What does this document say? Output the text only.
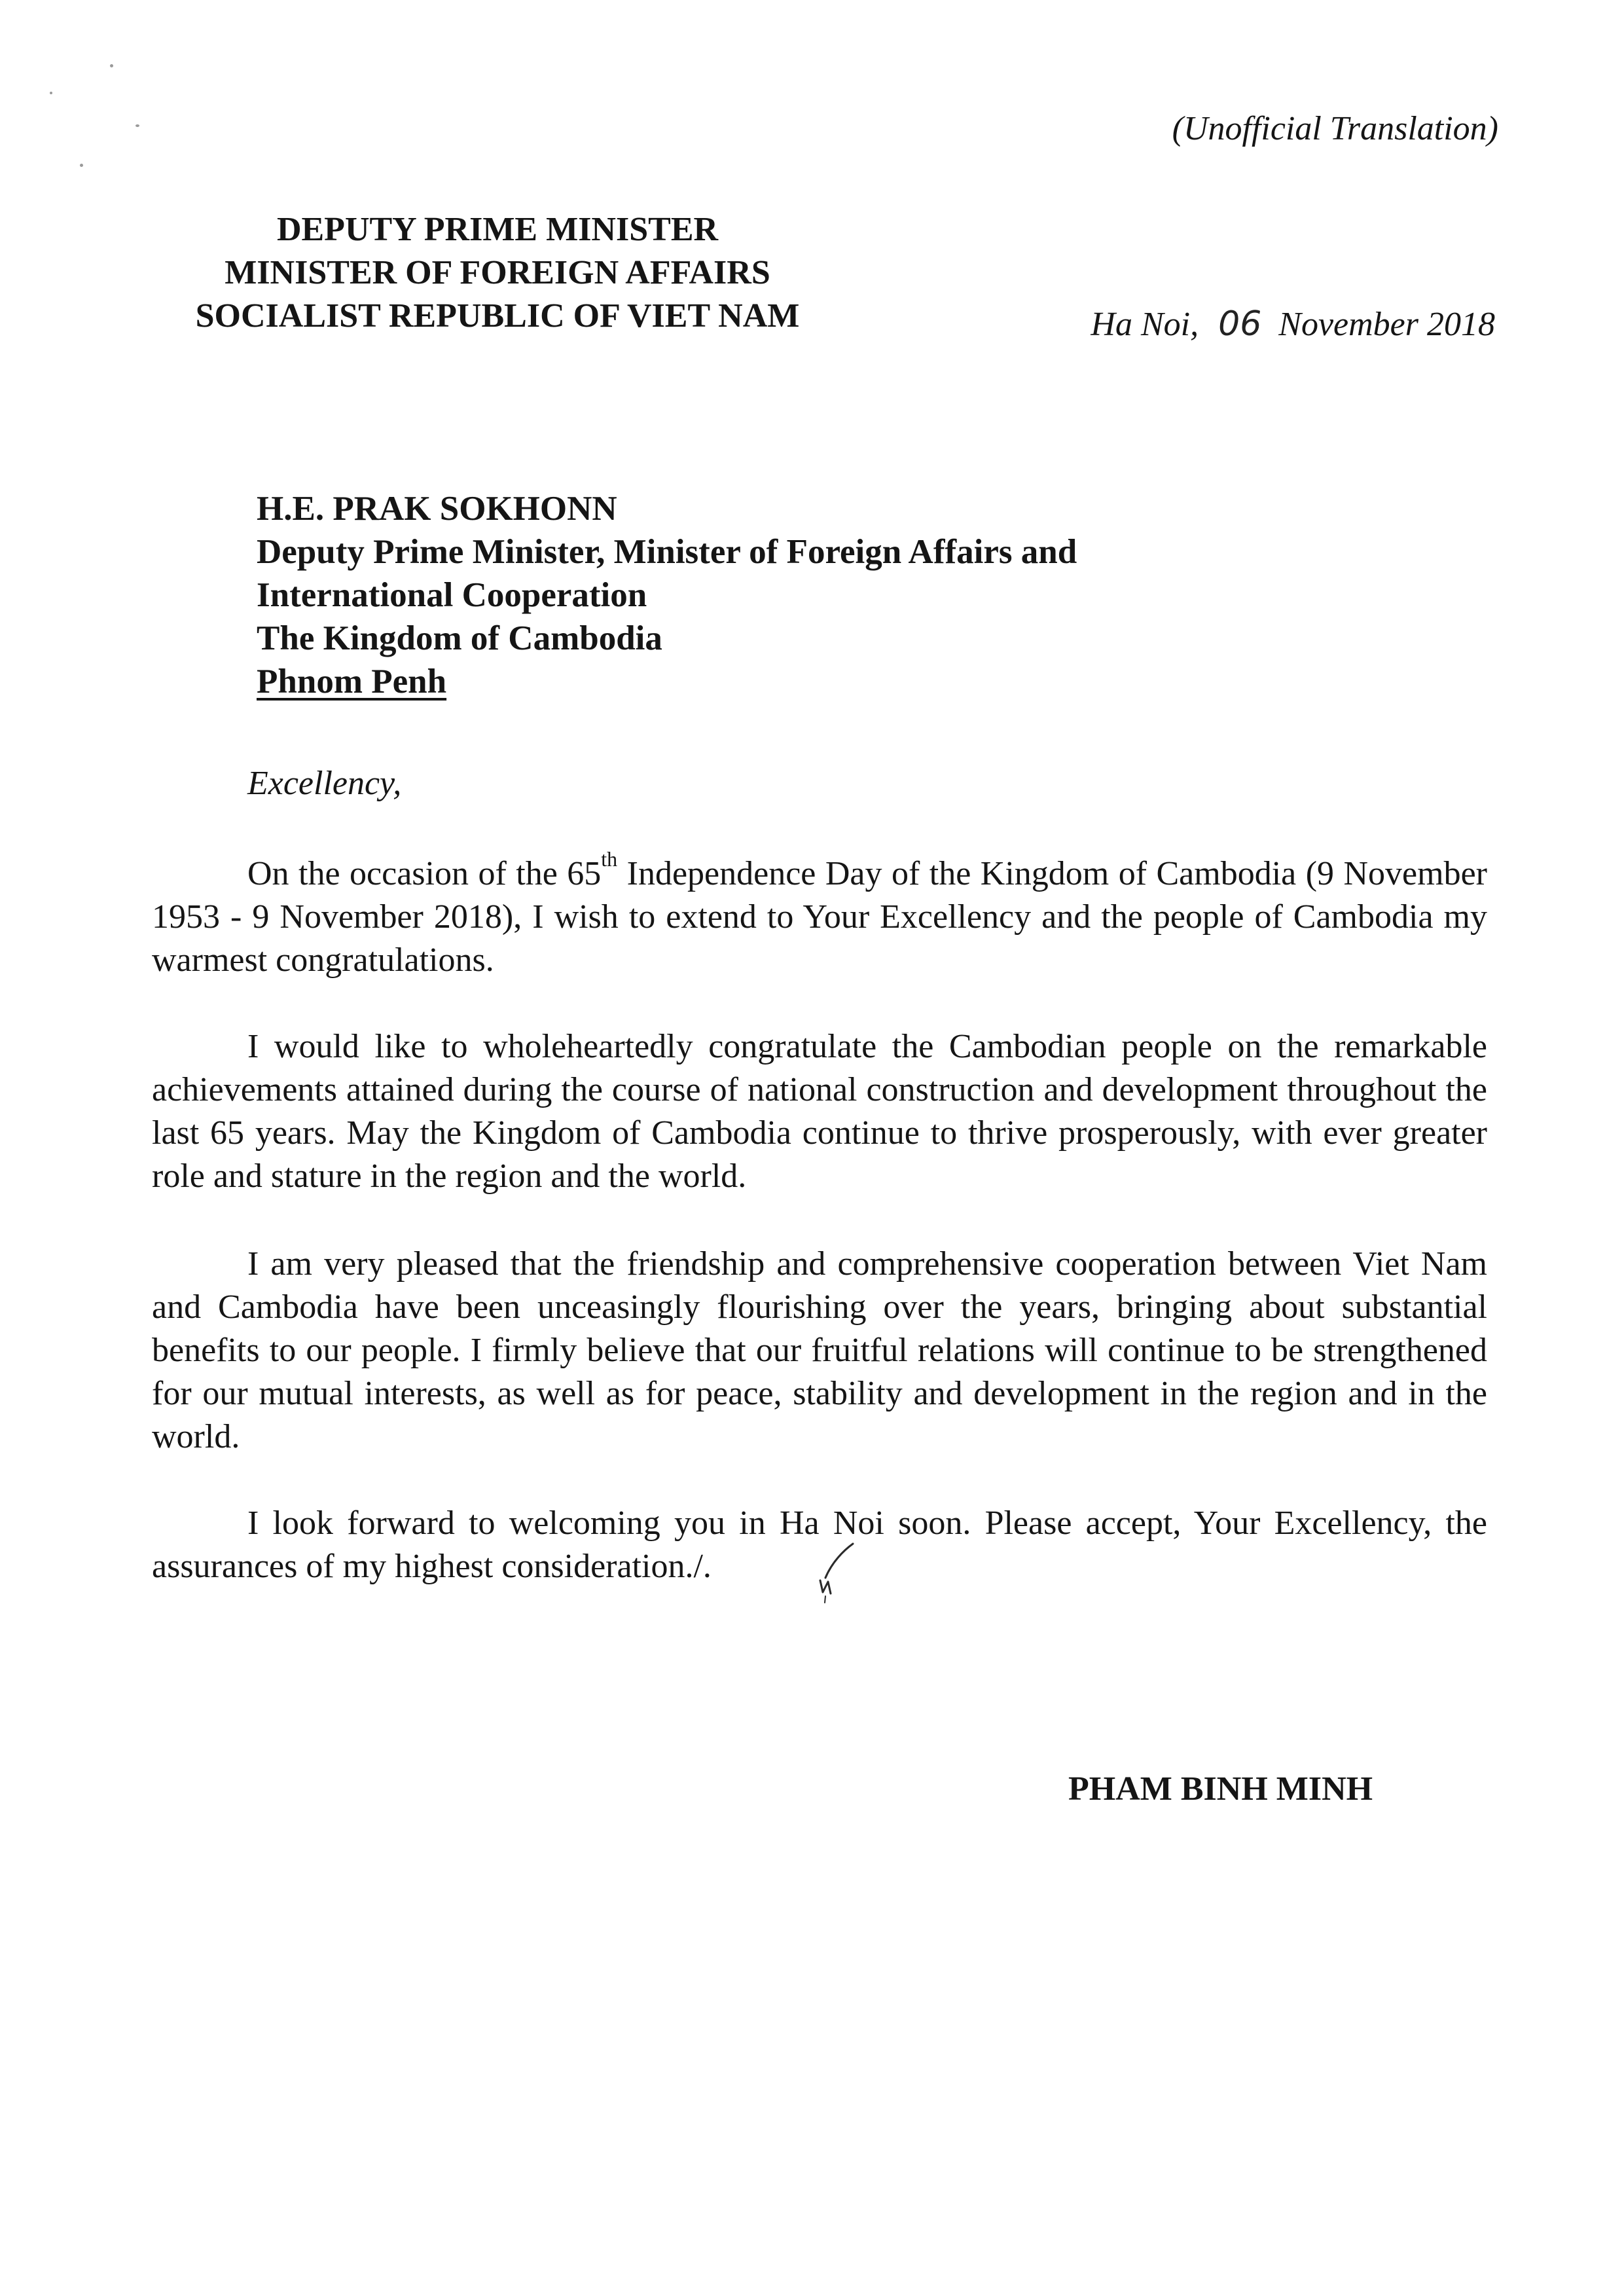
(Unofficial Translation)
DEPUTY PRIME MINISTER
MINISTER OF FOREIGN AFFAIRS
SOCIALIST REPUBLIC OF VIET NAM	Ha Noi, 06 November 2018
H.E. PRAK SOKHONN
Deputy Prime Minister, Minister of Foreign Affairs and
International Cooperation
The Kingdom of Cambodia
Phnom Penh
Excellency,
On the occasion of the 65th Independence Day of the Kingdom of Cambodia (9 November 1953 - 9 November 2018), I wish to extend to Your Excellency and the people of Cambodia my warmest congratulations.
I would like to wholeheartedly congratulate the Cambodian people on the remarkable achievements attained during the course of national construction and development throughout the last 65 years. May the Kingdom of Cambodia continue to thrive prosperously, with ever greater role and stature in the region and the world.
I am very pleased that the friendship and comprehensive cooperation between Viet Nam and Cambodia have been unceasingly flourishing over the years, bringing about substantial benefits to our people. I firmly believe that our fruitful relations will continue to be strengthened for our mutual interests, as well as for peace, stability and development in the region and in the world.
I look forward to welcoming you in Ha Noi soon. Please accept, Your Excellency, the assurances of my highest consideration./.
PHAM BINH MINH
